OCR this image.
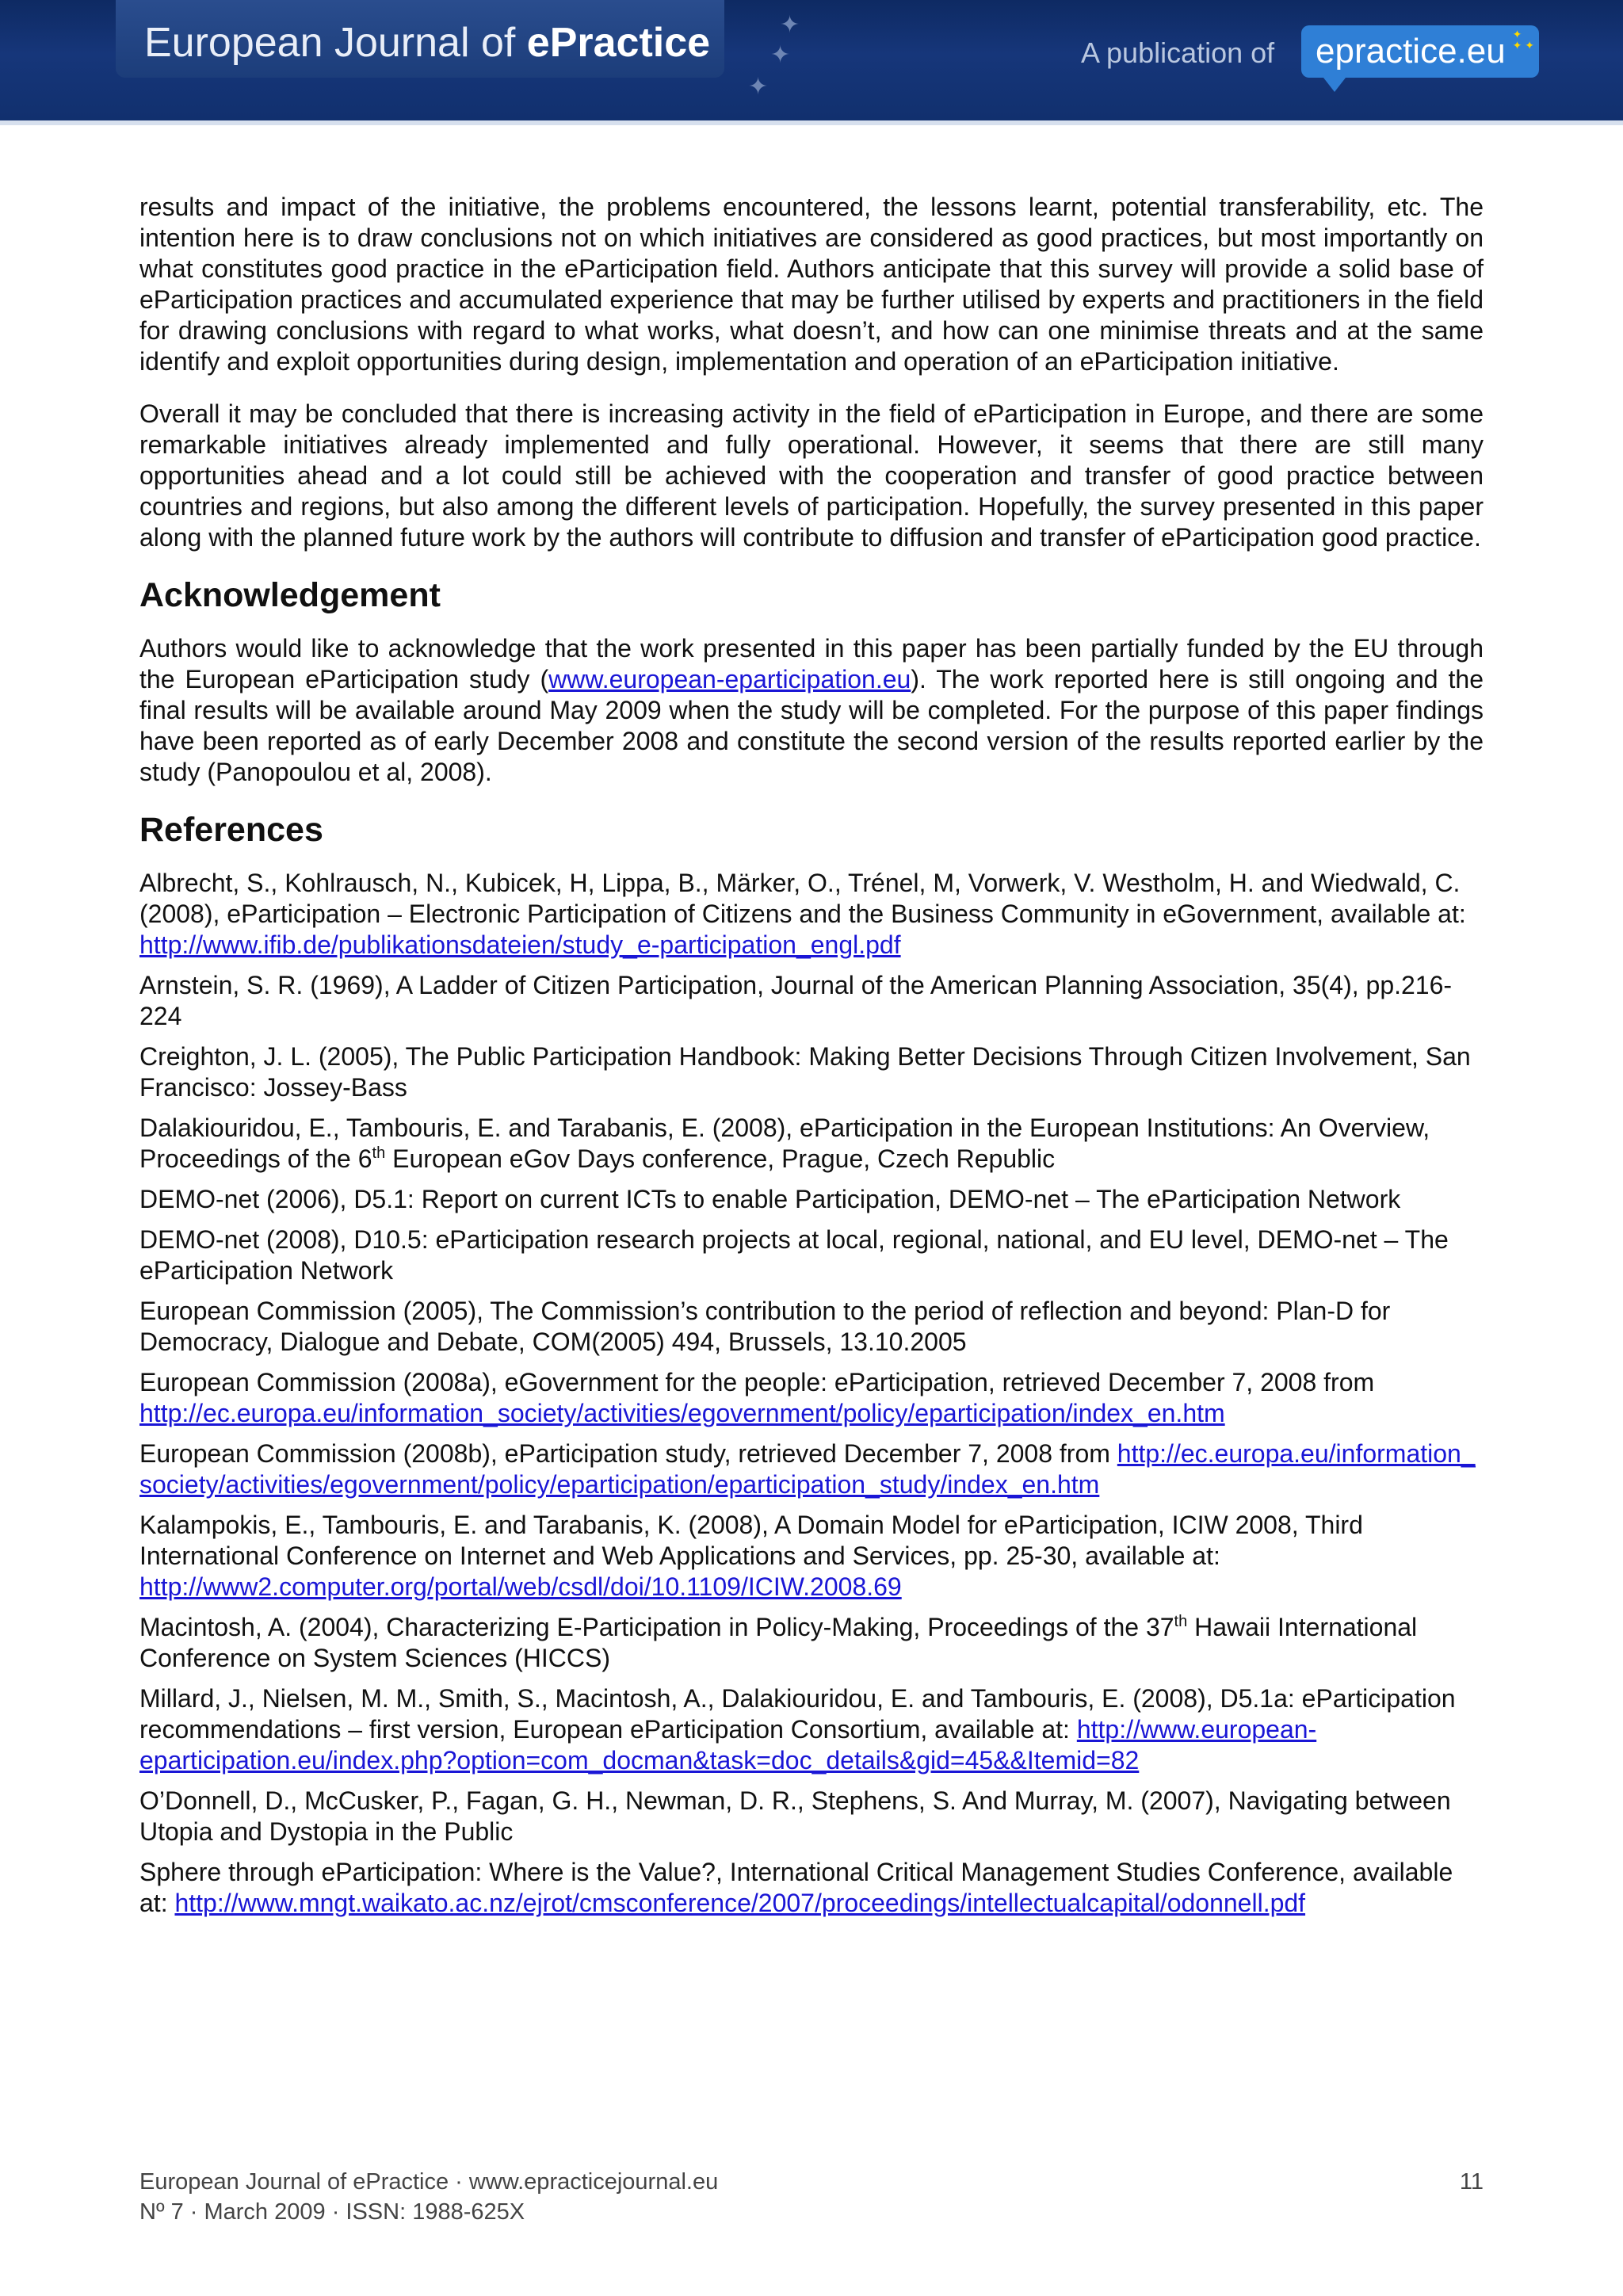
European Journal of ePractice	✦
✦
✦
A publication of epractice.eu ✦
✦ ✦

results and impact of the initiative, the problems encountered, the lessons learnt, potential transferability, etc. The intention here is to draw conclusions not on which initiatives are considered as good practices, but most importantly on what constitutes good practice in the eParticipation field. Authors anticipate that this survey will provide a solid base of eParticipation practices and accumulated experience that may be further utilised by experts and practitioners in the field for drawing conclusions with regard to what works, what doesn’t, and how can one minimise threats and at the same identify and exploit opportunities during design, implementation and operation of an eParticipation initiative.

Overall it may be concluded that there is increasing activity in the field of eParticipation in Europe, and there are some remarkable initiatives already implemented and fully operational. However, it seems that there are still many opportunities ahead and a lot could still be achieved with the cooperation and transfer of good practice between countries and regions, but also among the different levels of participation. Hopefully, the survey presented in this paper along with the planned future work by the authors will contribute to diffusion and transfer of eParticipation good practice.

Acknowledgement

Authors would like to acknowledge that the work presented in this paper has been partially funded by the EU through the European eParticipation study (www.european-eparticipation.eu). The work reported here is still ongoing and the final results will be available around May 2009 when the study will be completed. For the purpose of this paper findings have been reported as of early December 2008 and constitute the second version of the results reported earlier by the study (Panopoulou et al, 2008).

References

Albrecht, S., Kohlrausch, N., Kubicek, H, Lippa, B., Märker, O., Trénel, M, Vorwerk, V. Westholm, H. and Wiedwald, C. (2008), eParticipation – Electronic Participation of Citizens and the Business Community in eGovernment, available at: http://www.ifib.de/publikationsdateien/study_e-participation_engl.pdf

Arnstein, S. R. (1969), A Ladder of Citizen Participation, Journal of the American Planning Association, 35(4), pp.216-224

Creighton, J. L. (2005), The Public Participation Handbook: Making Better Decisions Through Citizen Involvement, San Francisco: Jossey-Bass

Dalakiouridou, E., Tambouris, E. and Tarabanis, E. (2008), eParticipation in the European Institutions: An Overview, Proceedings of the 6th European eGov Days conference, Prague, Czech Republic

DEMO-net (2006), D5.1: Report on current ICTs to enable Participation, DEMO-net – The eParticipation Network

DEMO-net (2008), D10.5: eParticipation research projects at local, regional, national, and EU level, DEMO-net – The eParticipation Network

European Commission (2005), The Commission’s contribution to the period of reflection and beyond: Plan-D for Democracy, Dialogue and Debate, COM(2005) 494, Brussels, 13.10.2005

European Commission (2008a), eGovernment for the people: eParticipation, retrieved December 7, 2008 from http://ec.europa.eu/information_society/activities/egovernment/policy/eparticipation/index_en.htm

European Commission (2008b), eParticipation study, retrieved December 7, 2008 from http://ec.europa.eu/information_society/activities/egovernment/policy/eparticipation/eparticipation_study/index_en.htm

Kalampokis, E., Tambouris, E. and Tarabanis, K. (2008), A Domain Model for eParticipation, ICIW 2008, Third International Conference on Internet and Web Applications and Services, pp. 25-30, available at: http://www2.computer.org/portal/web/csdl/doi/10.1109/ICIW.2008.69

Macintosh, A. (2004), Characterizing E-Participation in Policy-Making, Proceedings of the 37th Hawaii International Conference on System Sciences (HICCS)

Millard, J., Nielsen, M. M., Smith, S., Macintosh, A., Dalakiouridou, E. and Tambouris, E. (2008), D5.1a: eParticipation recommendations – first version, European eParticipation Consortium, available at: http://www.european-eparticipation.eu/index.php?option=com_docman&task=doc_details&gid=45&&Itemid=82

O’Donnell, D., McCusker, P., Fagan, G. H., Newman, D. R., Stephens, S. And Murray, M. (2007), Navigating between Utopia and Dystopia in the Public

Sphere through eParticipation: Where is the Value?, International Critical Management Studies Conference, available at: http://www.mngt.waikato.ac.nz/ejrot/cmsconference/2007/proceedings/intellectualcapital/odonnell.pdf

European Journal of ePractice · www.epracticejournal.eu
Nº 7 · March 2009 · ISSN: 1988-625X
11
